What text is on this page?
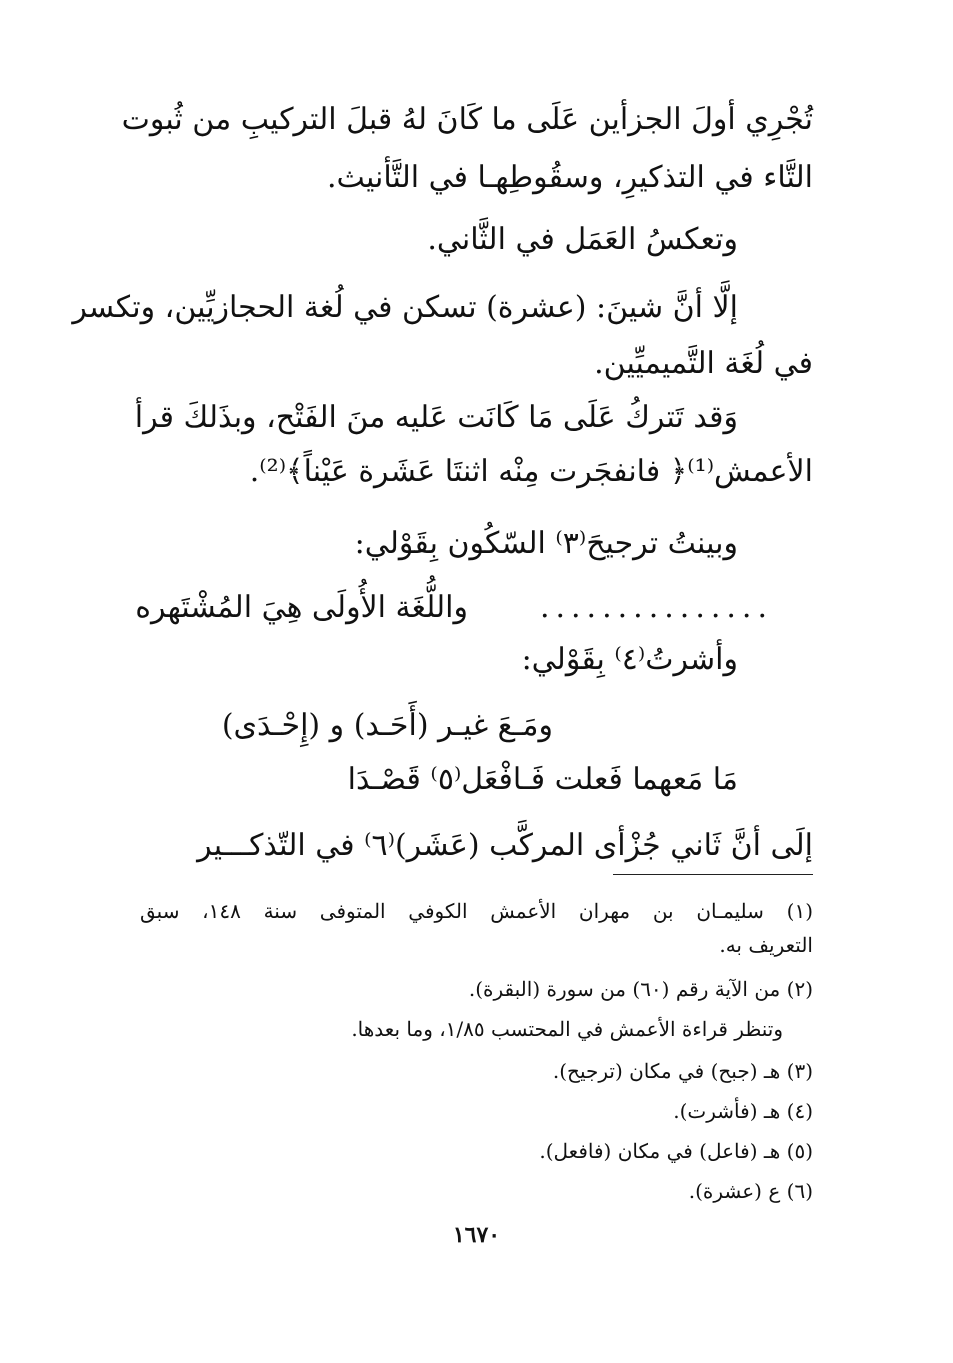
تُجْرِي أولَ الجزأين عَلَى ما كَانَ لهُ قبلَ التركيبِ من ثُبوت
التَّاء في التذكيرِ، وسقُوطِهـا في التَّأنيث.
وتعكسُ العَمَل في الثَّاني.
إلَّا أنَّ شينَ: (عشرة) تسكن في لُغة الحجازيِّين، وتكسر
في لُغَة التَّميميِّين.
وَقد تَتركُ عَلَى مَا كَانَت عَليه منَ الفَتْح، وبذَلكَ قرأ
الأعمش⁽¹⁾﴿ فانفجَرت مِنْه اثنتَا عَشَرة عَيْناً﴾⁽²⁾.
وبينتُ ترجيحَ⁽٣⁾ السّكُون بِقَوْلي:
واللُّغَة الأُولَى هِيَ المُشْتَهره ...............
وأشرتُ⁽٤⁾ بِقَوْلي:
ومَـعَ غيـر (أَحَـد) و (إِحْـدَى)
مَا مَعهما فَعلت فَـافْعَل⁽٥⁾ قَصْـدَا
إلَى أنَّ ثَاني جُزْأى المركَّب (عَشَر)⁽٦⁾ في التّذكـــير
(١) سليمـان بن مهران الأعمش الكوفي المتوفى سنة ١٤٨، سبق
التعريف به.
(٢) من الآية رقم (٦٠) من سورة (البقرة).
وتنظر قراءة الأعمش في المحتسب ١/٨٥، وما بعدها.
(٣) هـ (جبح) في مكان (ترجيح).
(٤) هـ (فأشرت).
(٥) هـ (فاعل) في مكان (فافعل).
(٦) ع (عشرة).
١٦٧٠
